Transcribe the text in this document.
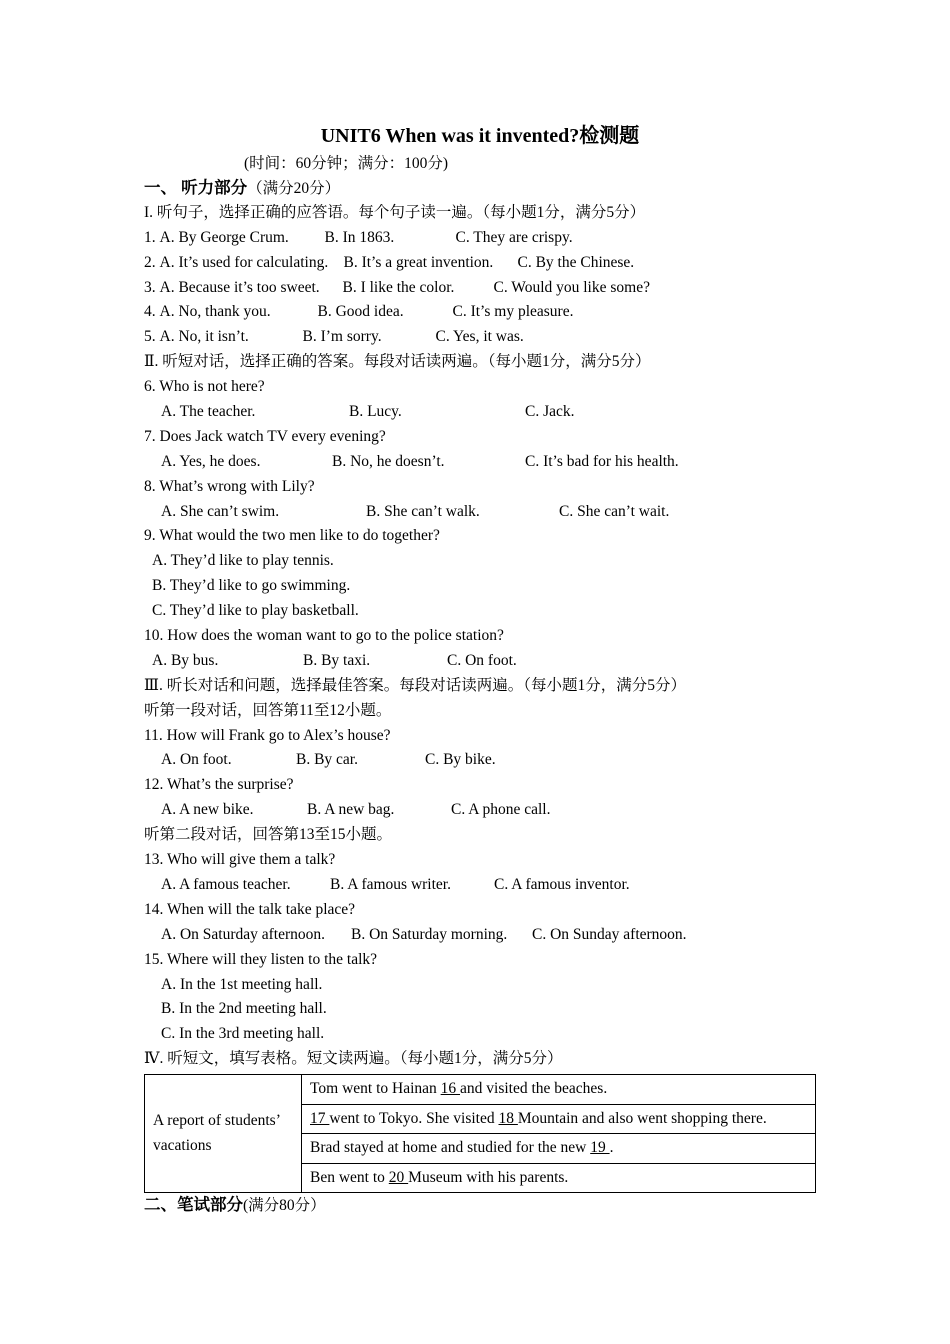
UNIT6 When was it invented?检测题
(时间：60分钟；满分：100分)
一、 听力部分（满分20分）
I. 听句子，选择正确的应答语。每个句子读一遍。（每小题1分，满分5分）
1. A. By George Crum. B. In 1863.	C. They are crispy.
2. A. It’s used for calculating. B. It’s a great invention. C. By the Chinese.
3. A. Because it’s too sweet. B. I like the color.	C. Would you like some?
4. A. No, thank you.	B. Good idea.	C. It’s my pleasure.
5. A. No, it isn’t.	B. I’m sorry.	C. Yes, it was.
Ⅱ. 听短对话，选择正确的答案。每段对话读两遍。（每小题1分，满分5分）
6. Who is not here?
A. The teacher.	B. Lucy.	C. Jack.
7. Does Jack watch TV every evening?
A. Yes, he does.	B. No, he doesn’t.	C. It’s bad for his health.
8. What’s wrong with Lily?
A. She can’t swim.	B. She can’t walk.	C. She can’t wait.
9. What would the two men like to do together?
A. They’d like to play tennis.
B. They’d like to go swimming.
C. They’d like to play basketball.
10. How does the woman want to go to the police station?
A. By bus.	B. By taxi.	C. On foot.
Ⅲ. 听长对话和问题，选择最佳答案。每段对话读两遍。（每小题1分，满分5分）
听第一段对话，回答第11至12小题。
11. How will Frank go to Alex’s house?
A. On foot.	B. By car.	C. By bike.
12. What’s the surprise?
A. A new bike.	B. A new bag.	C. A phone call.
听第二段对话，回答第13至15小题。
13. Who will give them a talk?
A. A famous teacher.	B. A famous writer.	C. A famous inventor.
14. When will the talk take place?
A. On Saturday afternoon. B. On Saturday morning. C. On Sunday afternoon.
15. Where will they listen to the talk?
A. In the 1st meeting hall.
B. In the 2nd meeting hall.
C. In the 3rd meeting hall.
Ⅳ. 听短文，填写表格。短文读两遍。（每小题1分，满分5分）
A report of students’ vacations	Tom went to Hainan 16 and visited the beaches.
17 went to Tokyo. She visited 18 Mountain and also went shopping there.
Brad stayed at home and studied for the new 19 .
Ben went to 20 Museum with his parents.
二、笔试部分(满分80分）
